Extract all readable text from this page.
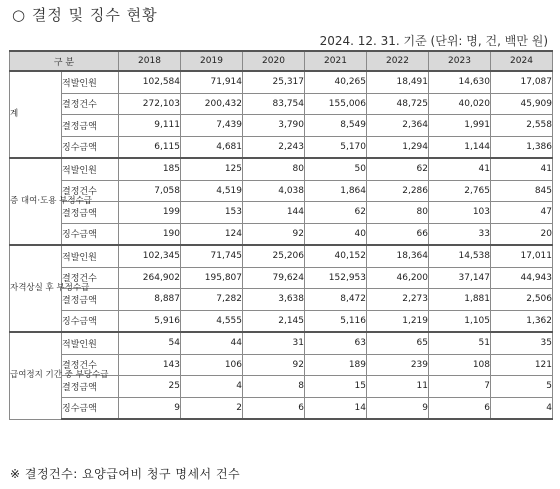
○ 결정 및 징수 현황
2024. 12. 31. 기준 (단위: 명, 건, 백만 원)
구 분		2018	2019	2020	2021	2022	2023	2024
계	적발인원	102,584	71,914	25,317	40,265	18,491	14,630	17,087
	결정건수	272,103	200,432	83,754	155,006	48,725	40,020	45,909
	결정금액	9,111	7,439	3,790	8,549	2,364	1,991	2,558
	징수금액	6,115	4,681	2,243	5,170	1,294	1,144	1,386
증 대여·도용 부정수급	적발인원	185	125	80	50	62	41	41
	결정건수	7,058	4,519	4,038	1,864	2,286	2,765	845
	결정금액	199	153	144	62	80	103	47
	징수금액	190	124	92	40	66	33	20
자격상실 후 부정수급	적발인원	102,345	71,745	25,206	40,152	18,364	14,538	17,011
	결정건수	264,902	195,807	79,624	152,953	46,200	37,147	44,943
	결정금액	8,887	7,282	3,638	8,472	2,273	1,881	2,506
	징수금액	5,916	4,555	2,145	5,116	1,219	1,105	1,362
급여정지 기간 중 부당수급	적발인원	54	44	31	63	65	51	35
	결정건수	143	106	92	189	239	108	121
	결정금액	25	4	8	15	11	7	5
	징수금액	9	2	6	14	9	6	4
※ 결정건수: 요양급여비 청구 명세서 건수
